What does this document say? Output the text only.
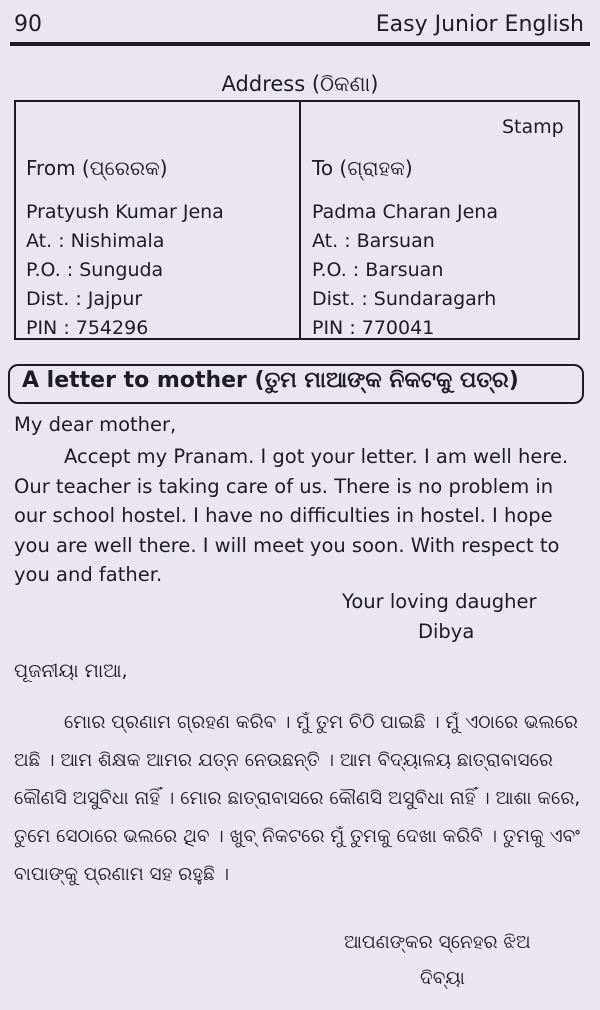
90	Easy Junior English
Address (ଠିକଣା)
Stamp
From (ପ୍ରେରକ)	To (ଗ୍ରାହକ)
Pratyush Kumar Jena
At. : Nishimala
P.O. : Sunguda
Dist. : Jajpur
PIN : 754296
Padma Charan Jena
At. : Barsuan
P.O. : Barsuan
Dist. : Sundaragarh
PIN : 770041
A letter to mother (ତୁମ ମାଆଙ୍କ ନିକଟକୁ ପତ୍ର)
My dear mother,

Accept my Pranam. I got your letter. I am well here. Our teacher is taking care of us. There is no problem in our school hostel. I have no difficulties in hostel. I hope you are well there. I will meet you soon. With respect to you and father.

Your loving daugher
Dibya
ପୂଜନୀୟା ମାଆ,
ମୋର ପ୍ରଣାମ ଗ୍ରହଣ କରିବ । ମୁଁ ତୁମ ଚିଠି ପାଇଛି । ମୁଁ ଏଠାରେ ଭଲରେ ଅଛି । ଆମ ଶିକ୍ଷକ ଆମର ଯତ୍ନ ନେଉଛନ୍ତି । ଆମ ବିଦ୍ୟାଳୟ ଛାତ୍ରାବାସରେ କୌଣସି ଅସୁବିଧା ନାହିଁ । ମୋର ଛାତ୍ରାବାସରେ କୌଣସି ଅସୁବିଧା ନାହିଁ । ଆଶା କରେ, ତୁମେ ସେଠାରେ ଭଲରେ ଥିବ । ଖୁବ୍ ନିକଟରେ ମୁଁ ତୁମକୁ ଦେଖା କରିବି । ତୁମକୁ ଏବଂ ବାପାଙ୍କୁ ପ୍ରଣାମ ସହ ରହୁଛି ।
ଆପଣଙ୍କର ସ୍ନେହର ଝିଅ
ଦିବ୍ୟା
